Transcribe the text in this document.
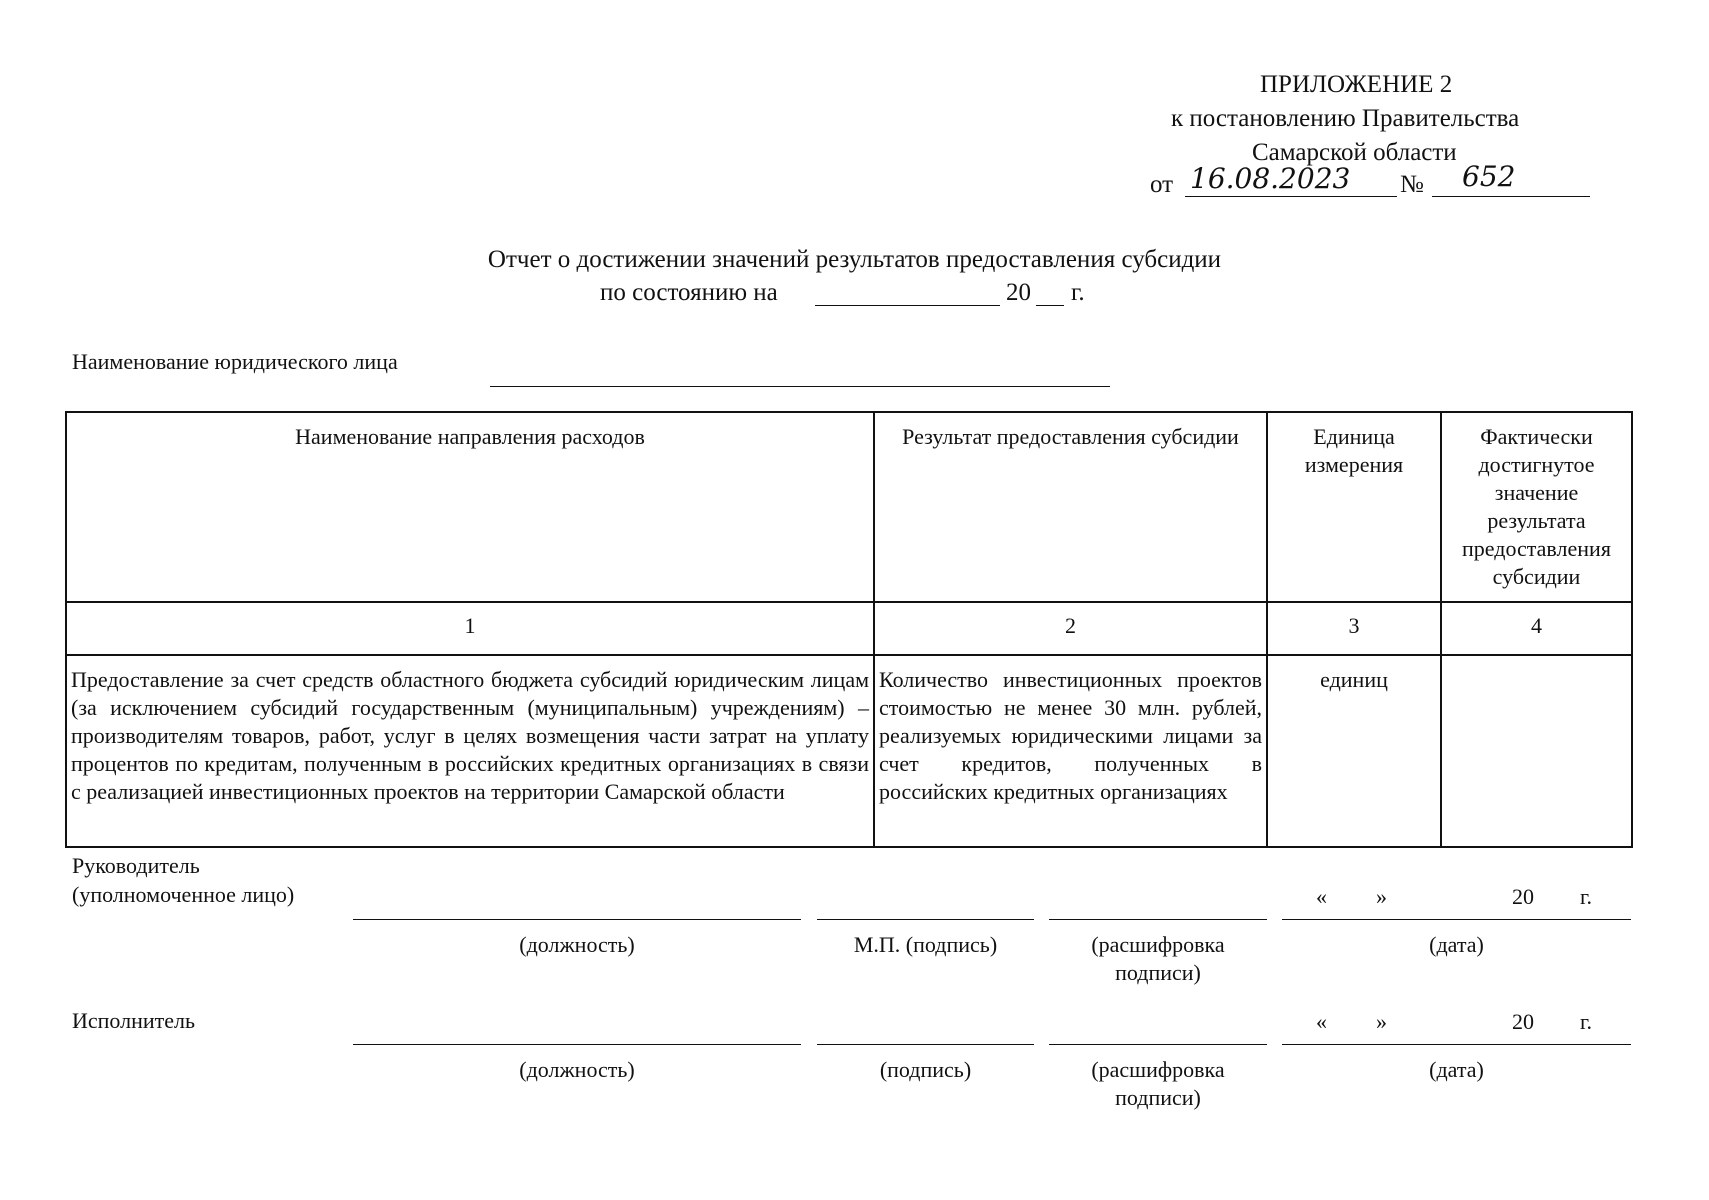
ПРИЛОЖЕНИЕ 2
к постановлению Правительства
Самарской области
от 16.08.2023 № 652
Отчет о достижении значений результатов предоставления субсидии
по состоянию на	20 г.
Наименование юридического лица
Наименование направления расходов	Результат предоставления субсидии	Единица измерения	Фактически достигнутое значение результата предоставления субсидии
1	2	3	4
Предоставление за счет средств областного бюджета субсидий юридическим лицам (за исключением субсидий государственным (муниципальным) учреждениям) – производителям товаров, работ, услуг в целях возмещения части затрат на уплату процентов по кредитам, полученным в российских кредитных организациях в связи с реализацией инвестиционных проектов на территории Самарской области	Количество инвестиционных проектов стоимостью не менее 30 млн. рублей, реализуемых юридическими лицами за счет кредитов, полученных в российских кредитных организациях	единиц	
Руководитель
(уполномоченное лицо)	« »	20 г.
(должность)	М.П. (подпись)	(расшифровка
подписи)
(дата)
Исполнитель	« »	20 г.
(должность)	(подпись)	(расшифровка
подписи)
(дата)
